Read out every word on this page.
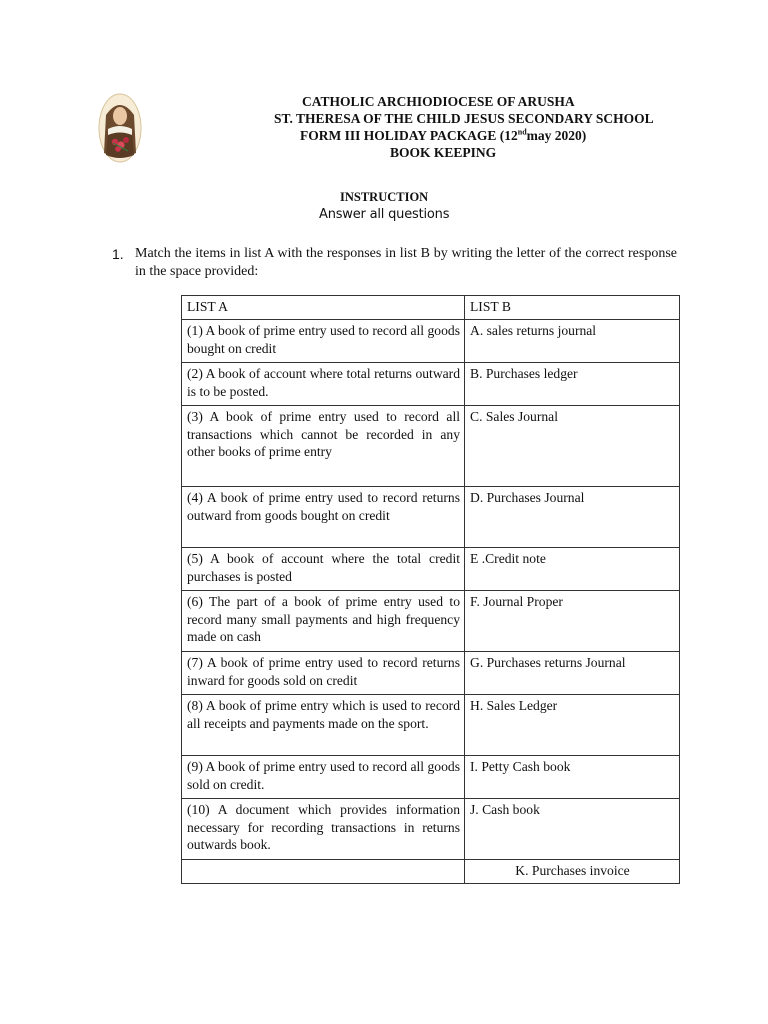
CATHOLIC ARCHIODIOCESE OF ARUSHA
ST. THERESA OF THE CHILD JESUS SECONDARY SCHOOL
FORM III HOLIDAY PACKAGE (12ndmay 2020)
BOOK KEEPING
INSTRUCTION
Answer all questions
1. Match the items in list A with the responses in list B by writing the letter of the correct response in the space provided:
LIST A	LIST B
(1) A book of prime entry used to record all goods bought on credit	A. sales returns journal
(2) A book of account where total returns outward is to be posted.	B. Purchases ledger
(3) A book of prime entry used to record all transactions which cannot be recorded in any other books of prime entry	C. Sales Journal
(4) A book of prime entry used to record returns outward from goods bought on credit	D. Purchases Journal
(5) A book of account where the total credit purchases is posted	E .Credit note
(6) The part of a book of prime entry used to record many small payments and high frequency made on cash	F. Journal Proper
(7) A book of prime entry used to record returns inward for goods sold on credit	G. Purchases returns Journal
(8) A book of prime entry which is used to record all receipts and payments made on the sport.	H. Sales Ledger
(9) A book of prime entry used to record all goods sold on credit.	I. Petty Cash book
(10) A document which provides information necessary for recording transactions in returns outwards book.	J. Cash book
	K. Purchases invoice
